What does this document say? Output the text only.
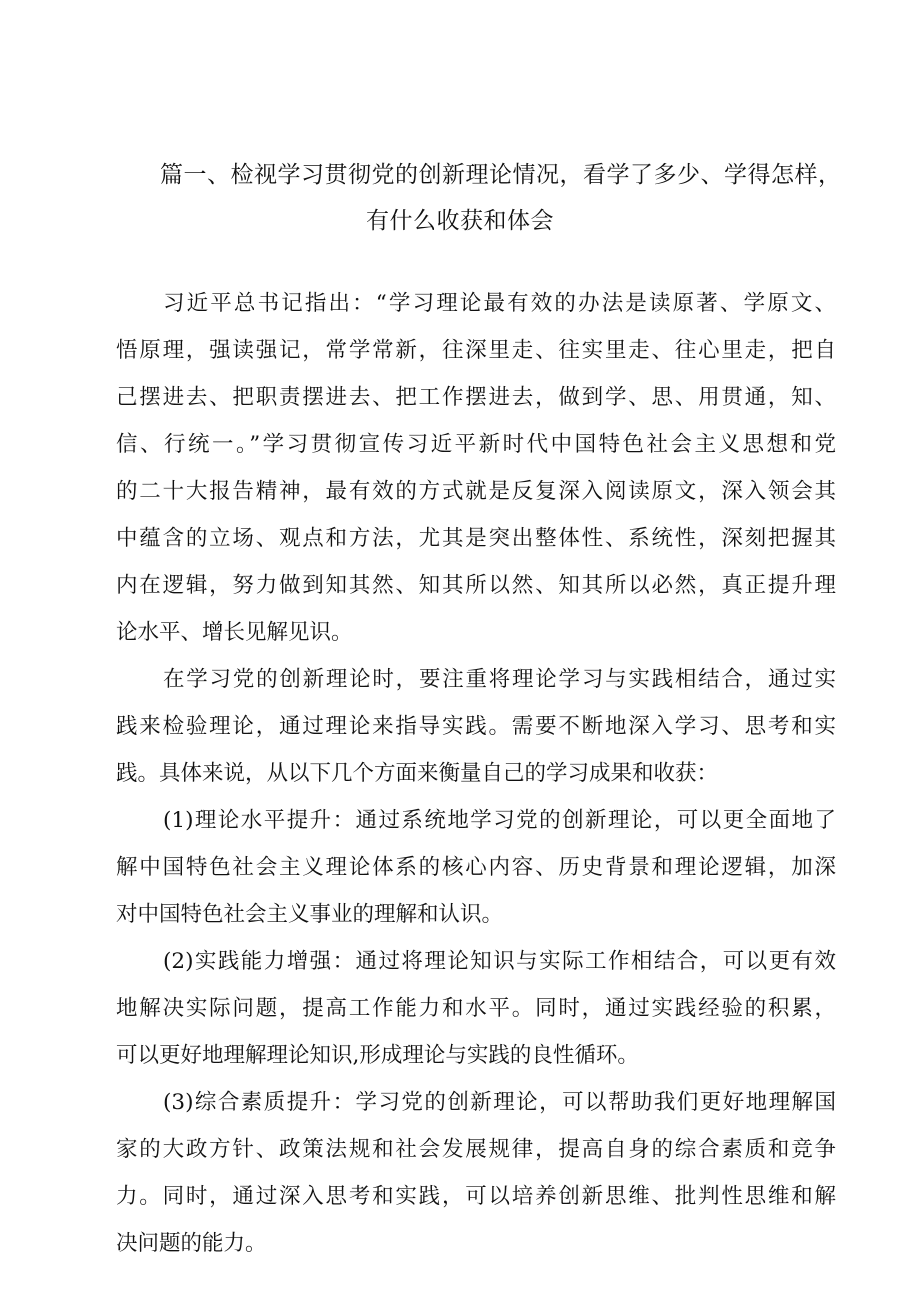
篇一、检视学习贯彻党的创新理论情况，看学了多少、学得怎样，
有什么收获和体会
习近平总书记指出：“学习理论最有效的办法是读原著、学原文、
悟原理，强读强记，常学常新，往深里走、往实里走、往心里走，把自
己摆进去、把职责摆进去、把工作摆进去，做到学、思、用贯通，知、
信、行统一。”学习贯彻宣传习近平新时代中国特色社会主义思想和党
的二十大报告精神，最有效的方式就是反复深入阅读原文，深入领会其
中蕴含的立场、观点和方法，尤其是突出整体性、系统性，深刻把握其
内在逻辑，努力做到知其然、知其所以然、知其所以必然，真正提升理
论水平、增长见解见识。
在学习党的创新理论时，要注重将理论学习与实践相结合，通过实
践来检验理论，通过理论来指导实践。需要不断地深入学习、思考和实
践。具体来说，从以下几个方面来衡量自己的学习成果和收获：
(1)理论水平提升：通过系统地学习党的创新理论，可以更全面地了
解中国特色社会主义理论体系的核心内容、历史背景和理论逻辑，加深
对中国特色社会主义事业的理解和认识。
(2)实践能力增强：通过将理论知识与实际工作相结合，可以更有效
地解决实际问题，提高工作能力和水平。同时，通过实践经验的积累，
可以更好地理解理论知识,形成理论与实践的良性循环。
(3)综合素质提升：学习党的创新理论，可以帮助我们更好地理解国
家的大政方针、政策法规和社会发展规律，提高自身的综合素质和竞争
力。同时，通过深入思考和实践，可以培养创新思维、批判性思维和解
决问题的能力。
